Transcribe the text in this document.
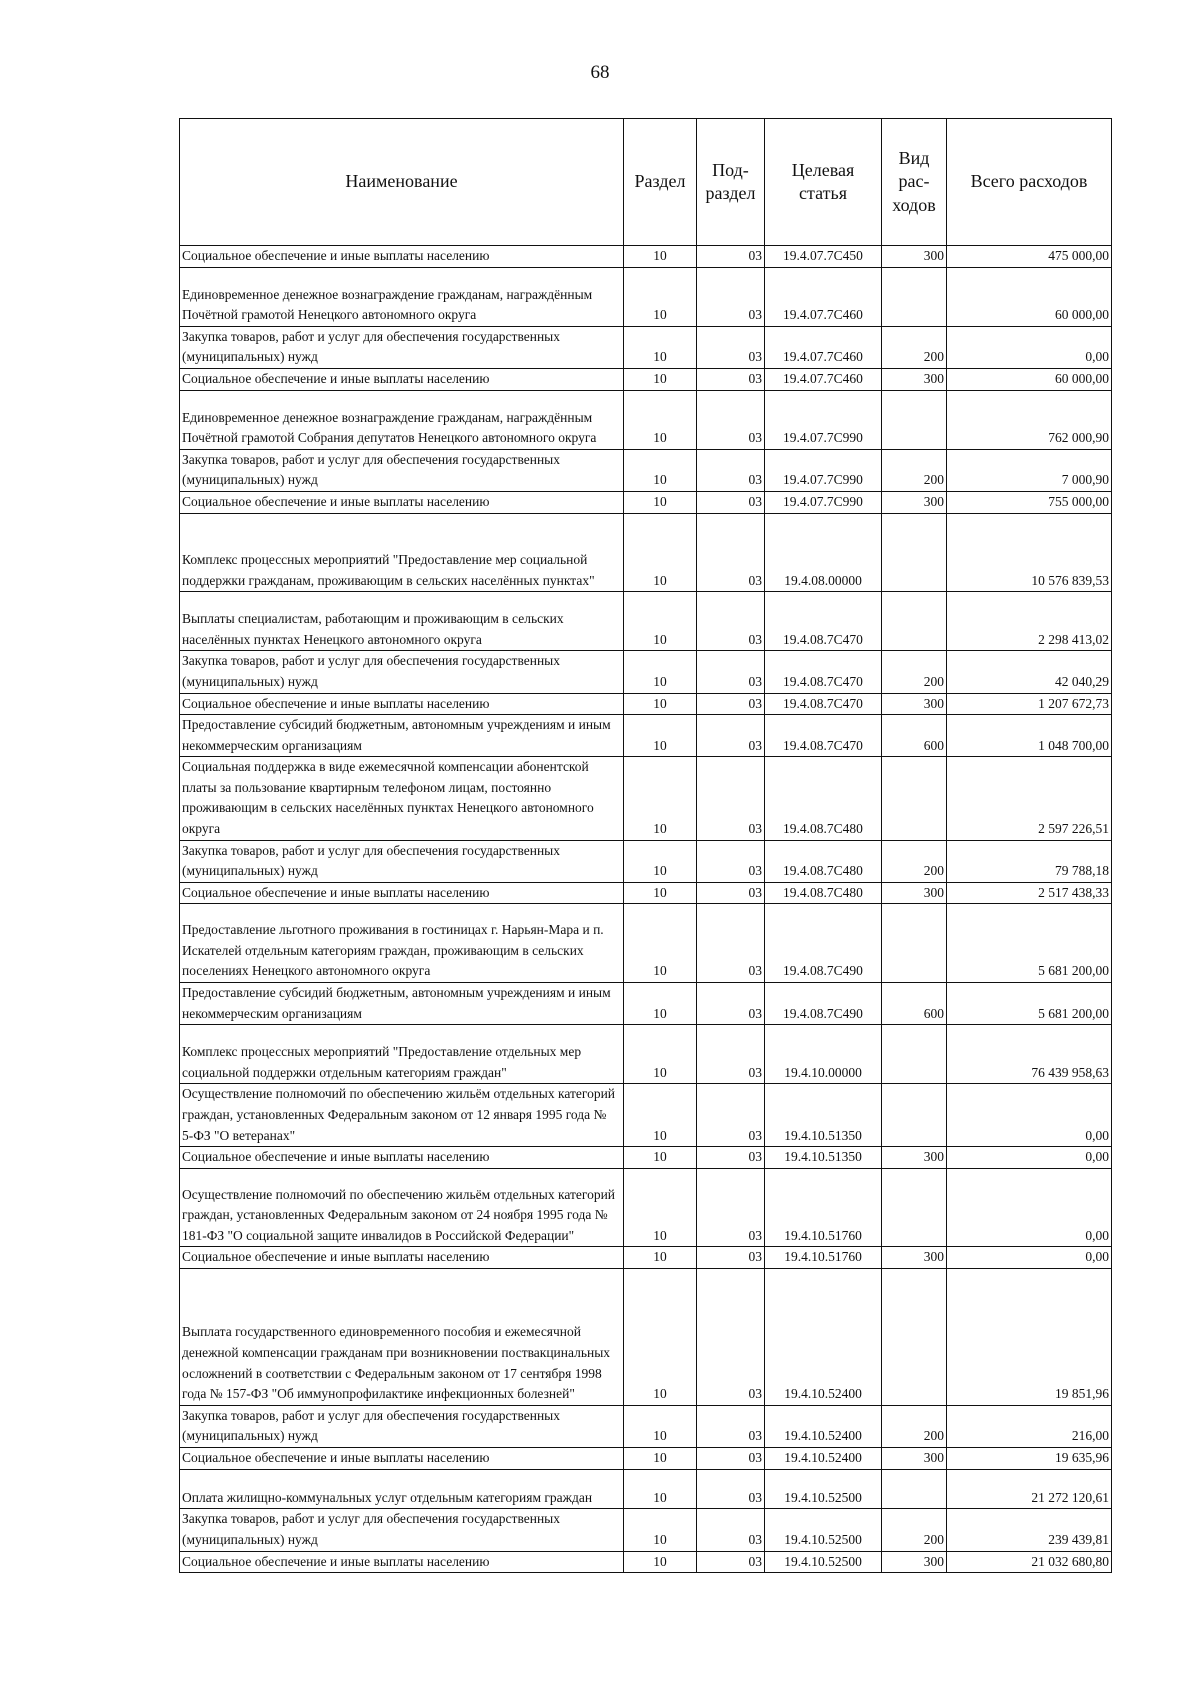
68
Наименование	Раздел	Под-раздел	Целевая статья	Вид рас-ходов	Всего расходов
Социальное обеспечение и иные выплаты населению	10	03	19.4.07.7С450	300	475 000,00
Единовременное денежное вознаграждение гражданам, награждённым Почётной грамотой Ненецкого автономного округа	10	03	19.4.07.7С460		60 000,00
Закупка товаров, работ и услуг для обеспечения государственных (муниципальных) нужд	10	03	19.4.07.7С460	200	0,00
Социальное обеспечение и иные выплаты населению	10	03	19.4.07.7С460	300	60 000,00
Единовременное денежное вознаграждение гражданам, награждённым Почётной грамотой Собрания депутатов Ненецкого автономного округа	10	03	19.4.07.7С990		762 000,90
Закупка товаров, работ и услуг для обеспечения государственных (муниципальных) нужд	10	03	19.4.07.7С990	200	7 000,90
Социальное обеспечение и иные выплаты населению	10	03	19.4.07.7С990	300	755 000,00
Комплекс процессных мероприятий "Предоставление мер социальной поддержки гражданам, проживающим в сельских населённых пунктах"	10	03	19.4.08.00000		10 576 839,53
Выплаты специалистам, работающим и проживающим в сельских населённых пунктах Ненецкого автономного округа	10	03	19.4.08.7С470		2 298 413,02
Закупка товаров, работ и услуг для обеспечения государственных (муниципальных) нужд	10	03	19.4.08.7С470	200	42 040,29
Социальное обеспечение и иные выплаты населению	10	03	19.4.08.7С470	300	1 207 672,73
Предоставление субсидий бюджетным, автономным учреждениям и иным некоммерческим организациям	10	03	19.4.08.7С470	600	1 048 700,00
Социальная поддержка в виде ежемесячной компенсации абонентской платы за пользование квартирным телефоном лицам, постоянно проживающим в сельских населённых пунктах Ненецкого автономного округа	10	03	19.4.08.7С480		2 597 226,51
Закупка товаров, работ и услуг для обеспечения государственных (муниципальных) нужд	10	03	19.4.08.7С480	200	79 788,18
Социальное обеспечение и иные выплаты населению	10	03	19.4.08.7С480	300	2 517 438,33
Предоставление льготного проживания в гостиницах г. Нарьян-Мара и п. Искателей отдельным категориям граждан, проживающим в сельских поселениях Ненецкого автономного округа	10	03	19.4.08.7С490		5 681 200,00
Предоставление субсидий бюджетным, автономным учреждениям и иным некоммерческим организациям	10	03	19.4.08.7С490	600	5 681 200,00
Комплекс процессных мероприятий "Предоставление отдельных мер социальной поддержки отдельным категориям граждан"	10	03	19.4.10.00000		76 439 958,63
Осуществление полномочий по обеспечению жильём отдельных категорий граждан, установленных Федеральным законом от 12 января 1995 года № 5-ФЗ "О ветеранах"	10	03	19.4.10.51350		0,00
Социальное обеспечение и иные выплаты населению	10	03	19.4.10.51350	300	0,00
Осуществление полномочий по обеспечению жильём отдельных категорий граждан, установленных Федеральным законом от 24 ноября 1995 года № 181-ФЗ "О социальной защите инвалидов в Российской Федерации"	10	03	19.4.10.51760		0,00
Социальное обеспечение и иные выплаты населению	10	03	19.4.10.51760	300	0,00
Выплата государственного единовременного пособия и ежемесячной денежной компенсации гражданам при возникновении поствакцинальных осложнений в соответствии с Федеральным законом от 17 сентября 1998 года № 157-ФЗ "Об иммунопрофилактике инфекционных болезней"	10	03	19.4.10.52400		19 851,96
Закупка товаров, работ и услуг для обеспечения государственных (муниципальных) нужд	10	03	19.4.10.52400	200	216,00
Социальное обеспечение и иные выплаты населению	10	03	19.4.10.52400	300	19 635,96
Оплата жилищно-коммунальных услуг отдельным категориям граждан	10	03	19.4.10.52500		21 272 120,61
Закупка товаров, работ и услуг для обеспечения государственных (муниципальных) нужд	10	03	19.4.10.52500	200	239 439,81
Социальное обеспечение и иные выплаты населению	10	03	19.4.10.52500	300	21 032 680,80
